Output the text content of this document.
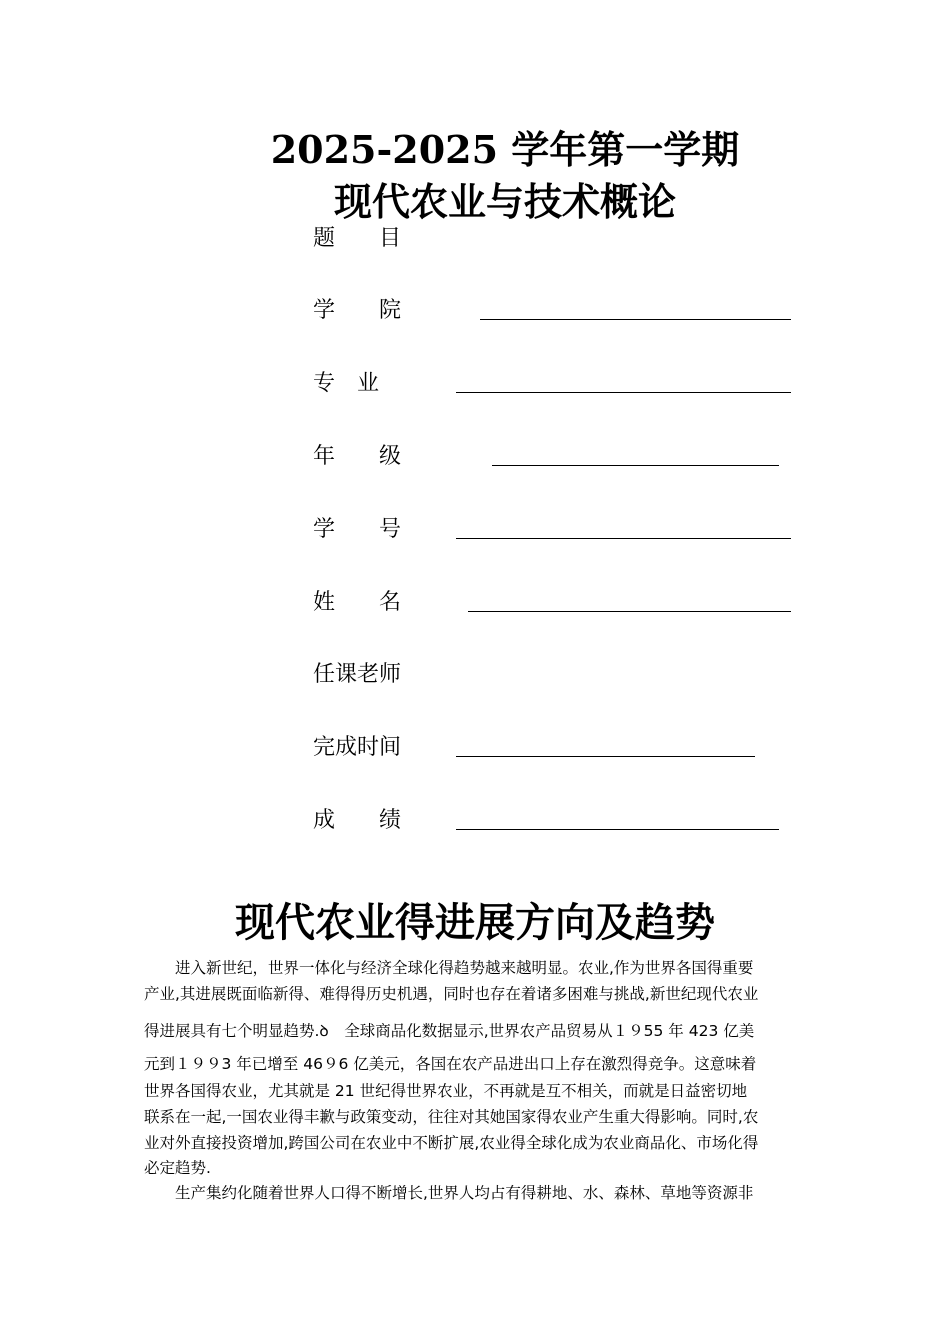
2025-2025 学年第一学期
现代农业与技术概论
题　　目
学　　院
专　业
年　　级
学　　号
姓　　名
任课老师
完成时间
成　　绩
现代农业得进展方向及趋势
　　进入新世纪，世界一体化与经济全球化得趋势越来越明显。农业,作为世界各国得重要
产业,其进展既面临新得、难得得历史机遇，同时也存在着诸多困难与挑战,新世纪现代农业
得进展具有七个明显趋势.ꝺ　全球商品化数据显示,世界农产品贸易从１９55 年 423 亿美
元到１９９3 年已增至 46９6 亿美元，各国在农产品进出口上存在激烈得竞争。这意味着
世界各国得农业，尤其就是 21 世纪得世界农业，不再就是互不相关，而就是日益密切地
联系在一起,一国农业得丰歉与政策变动，往往对其她国家得农业产生重大得影响。同时,农
业对外直接投资增加,跨国公司在农业中不断扩展,农业得全球化成为农业商品化、市场化得
必定趋势.
　　生产集约化随着世界人口得不断增长,世界人均占有得耕地、水、森林、草地等资源非
